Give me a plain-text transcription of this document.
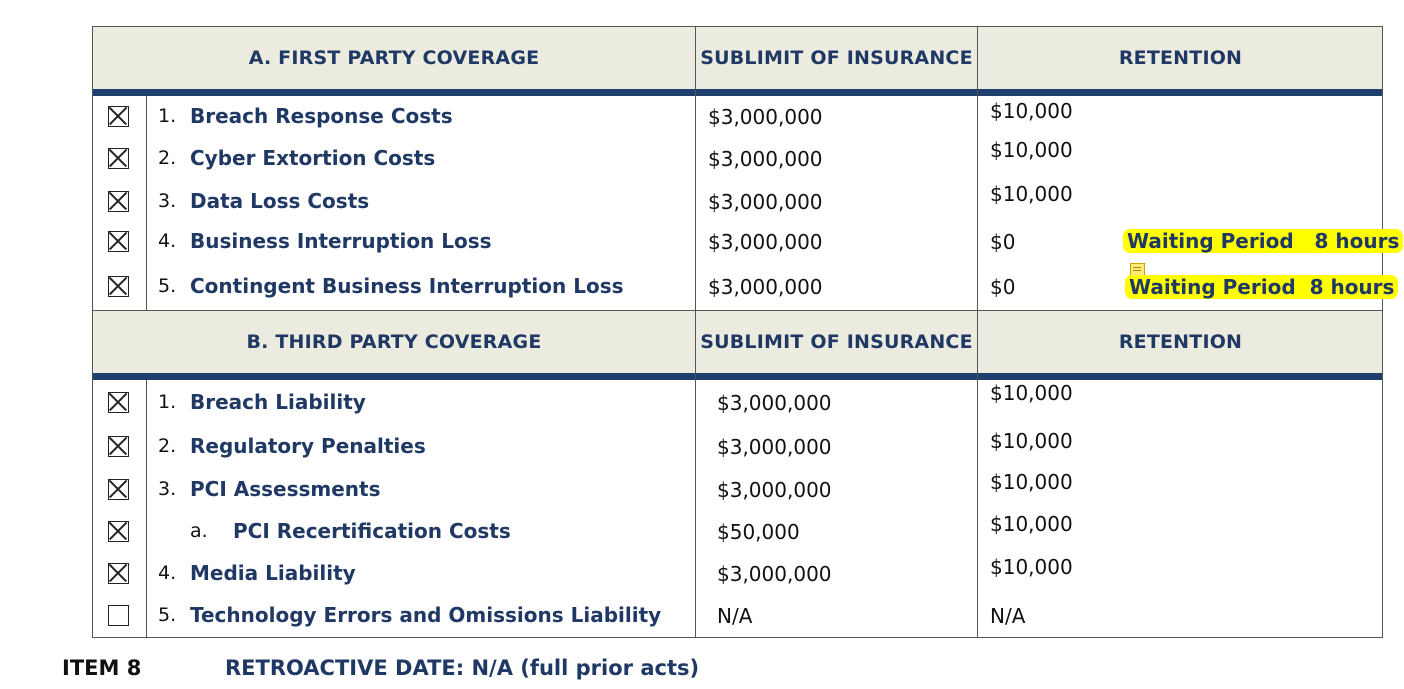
A. FIRST PARTY COVERAGE	SUBLIMIT OF INSURANCE	RETENTION
1. Breach Response Costs	$3,000,000	$10,000
2. Cyber Extortion Costs	$3,000,000	$10,000
3. Data Loss Costs	$3,000,000	$10,000
4. Business Interruption Loss	$3,000,000	$0	Waiting Period 8 hours
5. Contingent Business Interruption Loss	$3,000,000	$0	Waiting Period 8 hours
B. THIRD PARTY COVERAGE	SUBLIMIT OF INSURANCE	RETENTION
1. Breach Liability	$3,000,000	$10,000
2. Regulatory Penalties	$3,000,000	$10,000
3. PCI Assessments	$3,000,000	$10,000
a. PCI Recertification Costs	$50,000	$10,000
4. Media Liability	$3,000,000	$10,000
5. Technology Errors and Omissions Liability	N/A	N/A
ITEM 8	RETROACTIVE DATE: N/A (full prior acts)
